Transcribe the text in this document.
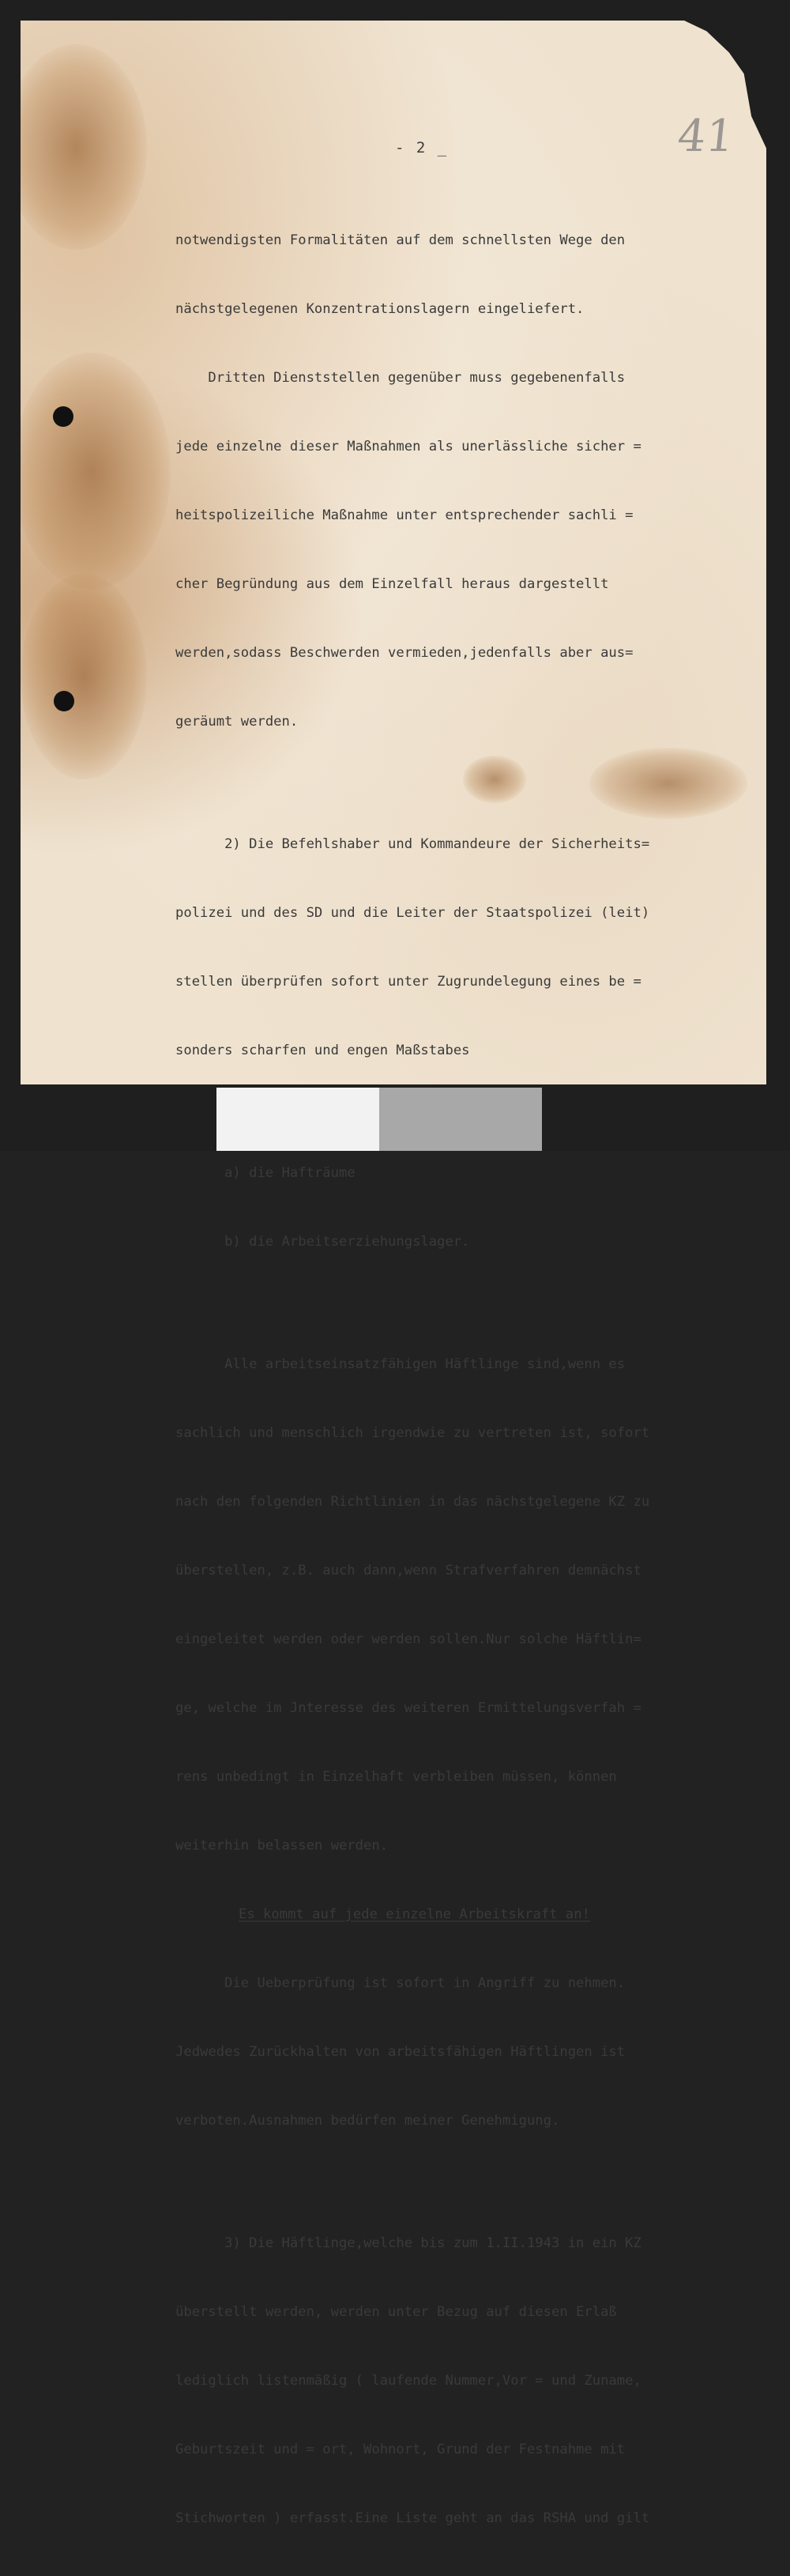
- 2 _	41

notwendigsten Formalitäten auf dem schnellsten Wege den

nächstgelegenen Konzentrationslagern eingeliefert.

Dritten Dienststellen gegenüber muss gegebenenfalls

jede einzelne dieser Maßnahmen als unerlässliche sicher =

heitspolizeiliche Maßnahme unter entsprechender sachli =

cher Begründung aus dem Einzelfall heraus dargestellt

werden,sodass Beschwerden vermieden,jedenfalls aber aus=

geräumt werden.

2) Die Befehlshaber und Kommandeure der Sicherheits=

polizei und des SD und die Leiter der Staatspolizei (leit)

stellen überprüfen sofort unter Zugrundelegung eines be =

sonders scharfen und engen Maßstabes

a) die Hafträume

b) die Arbeitserziehungslager.

Alle arbeitseinsatzfähigen Häftlinge sind,wenn es

sachlich und menschlich irgendwie zu vertreten ist, sofort

nach den folgenden Richtlinien in das nächstgelegene KZ zu

überstellen, z.B. auch dann,wenn Strafverfahren demnächst

eingeleitet werden oder werden sollen.Nur solche Häftlin=

ge, welche im Jnteresse des weiteren Ermittelungsverfah =

rens unbedingt in Einzelhaft verbleiben müssen, können

weiterhin belassen werden.

Es kommt auf jede einzelne Arbeitskraft an!

Die Ueberprüfung ist sofort in Angriff zu nehmen.

Jedwedes Zurückhalten von arbeitsfähigen Häftlingen ist

verboten.Ausnahmen bedürfen meiner Genehmigung.

3) Die Häftlinge,welche bis zum 1.II.1943 in ein KZ

überstellt werden, werden unter Bezug auf diesen Erlaß

lediglich listenmäßig ( laufende Nummer,Vor = und Zuname,

Geburtszeit und = ort, Wohnort, Grund der Festnahme mit

Stichworten ) erfasst.Eine Liste geht an das RSHA und gilt
